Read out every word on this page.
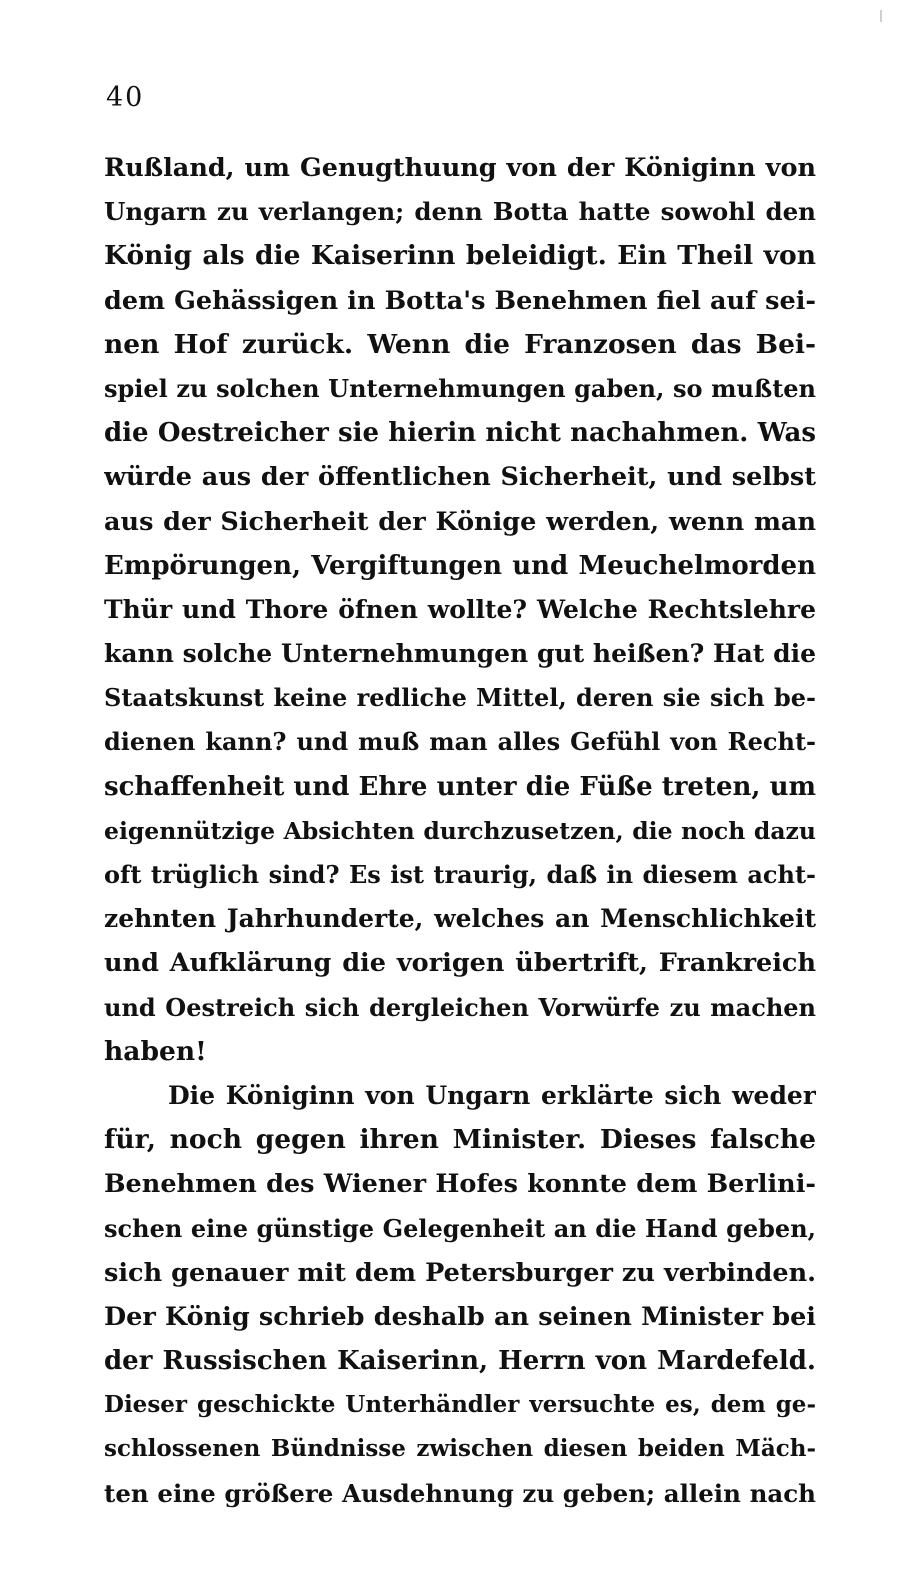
40
Rußland, um Genugthuung von der Königinn von
Ungarn zu verlangen; denn Botta hatte sowohl den
König als die Kaiserinn beleidigt. Ein Theil von
dem Gehässigen in Botta's Benehmen fiel auf sei-
nen Hof zurück. Wenn die Franzosen das Bei-
spiel zu solchen Unternehmungen gaben, so mußten
die Oestreicher sie hierin nicht nachahmen. Was
würde aus der öffentlichen Sicherheit, und selbst
aus der Sicherheit der Könige werden, wenn man
Empörungen, Vergiftungen und Meuchelmorden
Thür und Thore öfnen wollte? Welche Rechtslehre
kann solche Unternehmungen gut heißen? Hat die
Staatskunst keine redliche Mittel, deren sie sich be-
dienen kann? und muß man alles Gefühl von Recht-
schaffenheit und Ehre unter die Füße treten, um
eigennützige Absichten durchzusetzen, die noch dazu
oft trüglich sind? Es ist traurig, daß in diesem acht-
zehnten Jahrhunderte, welches an Menschlichkeit
und Aufklärung die vorigen übertrift, Frankreich
und Oestreich sich dergleichen Vorwürfe zu machen
haben!
Die Königinn von Ungarn erklärte sich weder
für, noch gegen ihren Minister. Dieses falsche
Benehmen des Wiener Hofes konnte dem Berlini-
schen eine günstige Gelegenheit an die Hand geben,
sich genauer mit dem Petersburger zu verbinden.
Der König schrieb deshalb an seinen Minister bei
der Russischen Kaiserinn, Herrn von Mardefeld.
Dieser geschickte Unterhändler versuchte es, dem ge-
schlossenen Bündnisse zwischen diesen beiden Mäch-
ten eine größere Ausdehnung zu geben; allein nach
